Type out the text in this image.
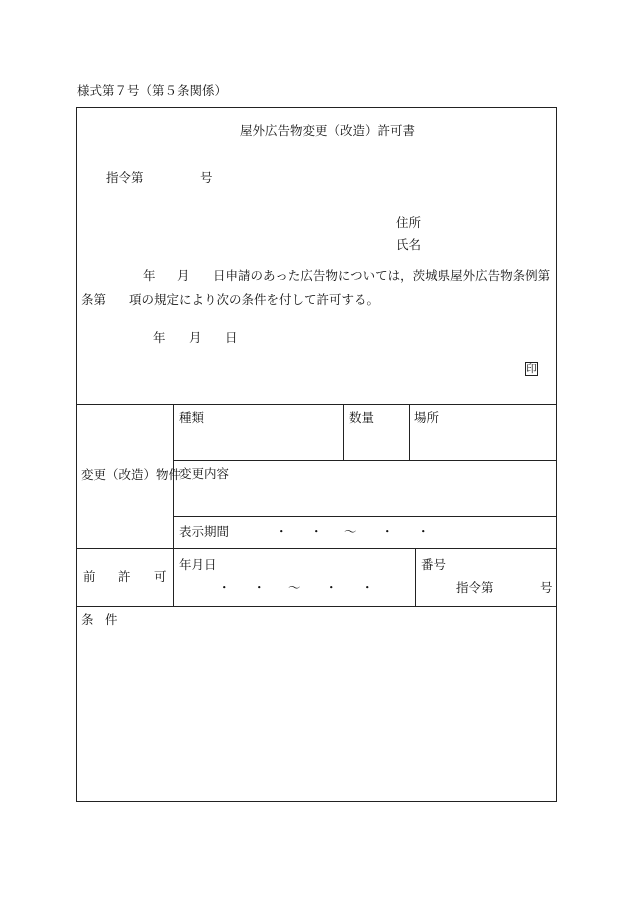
様式第７号（第５条関係）
屋外広告物変更（改造）許可書
指令第	号
住所
氏名
年 月 日申請のあった広告物については，茨城県屋外広告物条例第
条第 項の規定により次の条件を付して許可する。
年 月 日
印
変更（改造）物件
種類	数量	場所
変更内容
表示期間	・ ・ 〜 ・ ・
前 許 可
年月日
・ ・ 〜 ・ ・
番号
指令第	号
条 件
